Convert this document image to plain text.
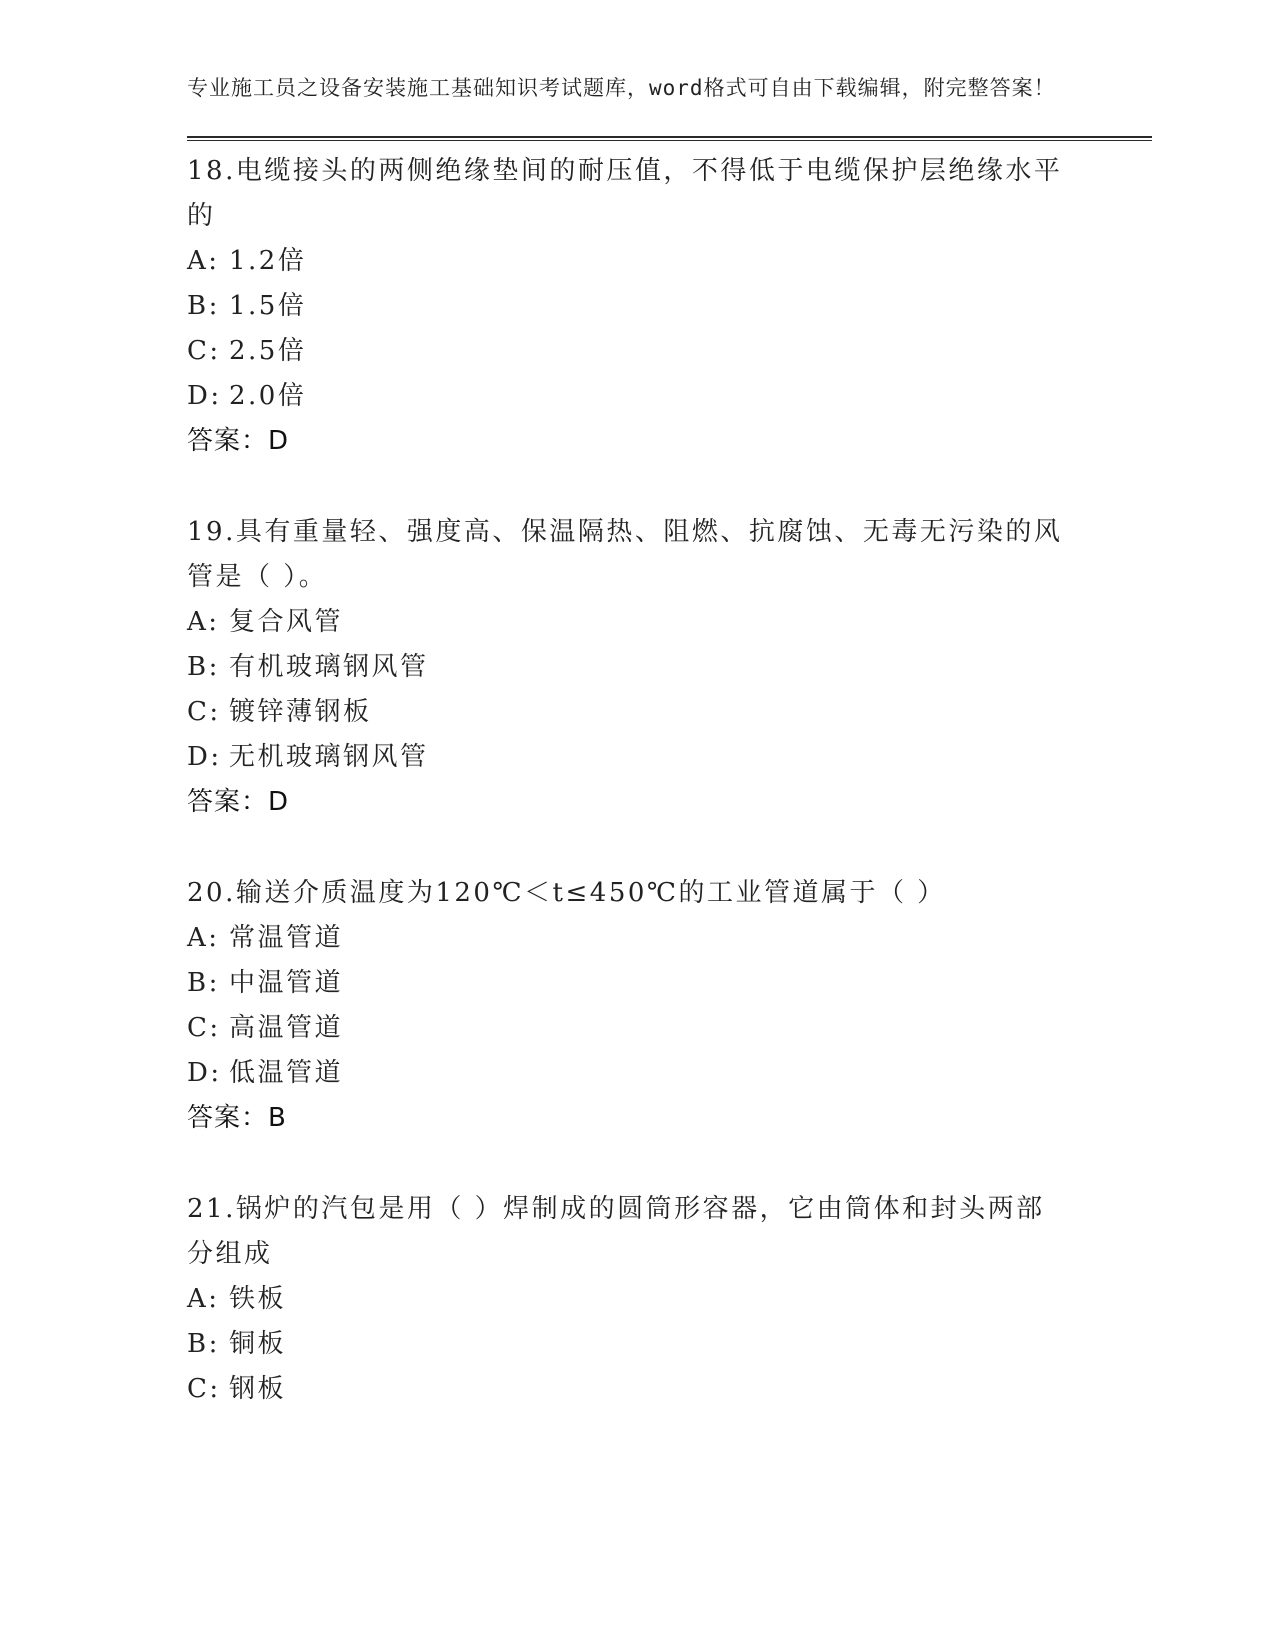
专业施工员之设备安装施工基础知识考试题库，word格式可自由下载编辑，附完整答案！
18.电缆接头的两侧绝缘垫间的耐压值，不得低于电缆保护层绝缘水平的
A: 1.2倍
B: 1.5倍
C: 2.5倍
D: 2.0倍
答案：D
19.具有重量轻、强度高、保温隔热、阻燃、抗腐蚀、无毒无污染的风管是（ ）。
A: 复合风管
B: 有机玻璃钢风管
C: 镀锌薄钢板
D: 无机玻璃钢风管
答案：D
20.输送介质温度为120℃＜t≤450℃的工业管道属于（ ）
A: 常温管道
B: 中温管道
C: 高温管道
D: 低温管道
答案：B
21.锅炉的汽包是用（ ）焊制成的圆筒形容器，它由筒体和封头两部分组成
A: 铁板
B: 铜板
C: 钢板
